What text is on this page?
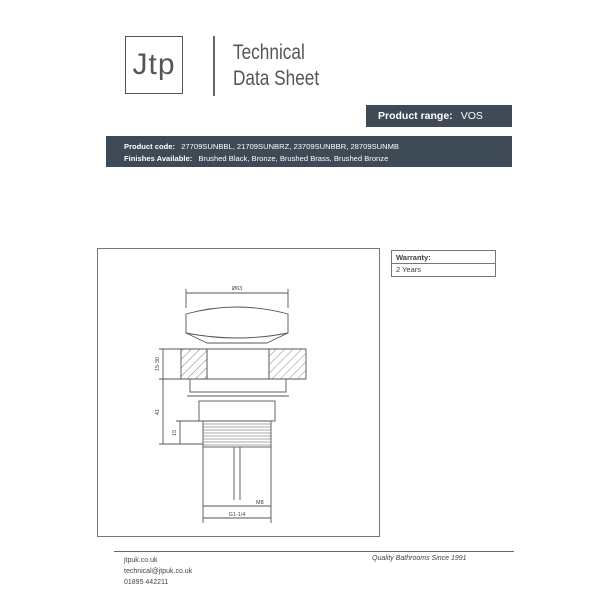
Jtp	Technical
Data Sheet
Product range: VOS
Product code: 27709SUNBBL, 21709SUNBRZ, 23709SUNBBR, 28709SUNMB
Finishes Available: Brushed Black, Bronze, Brushed Brass, Brushed Bronze
Ø63
15-30
41
15
M8
G1-1/4
Warranty:
2 Years
jtpuk.co.uk
technical@jtpuk.co.uk
01895 442211
Quality Bathrooms Since 1991
